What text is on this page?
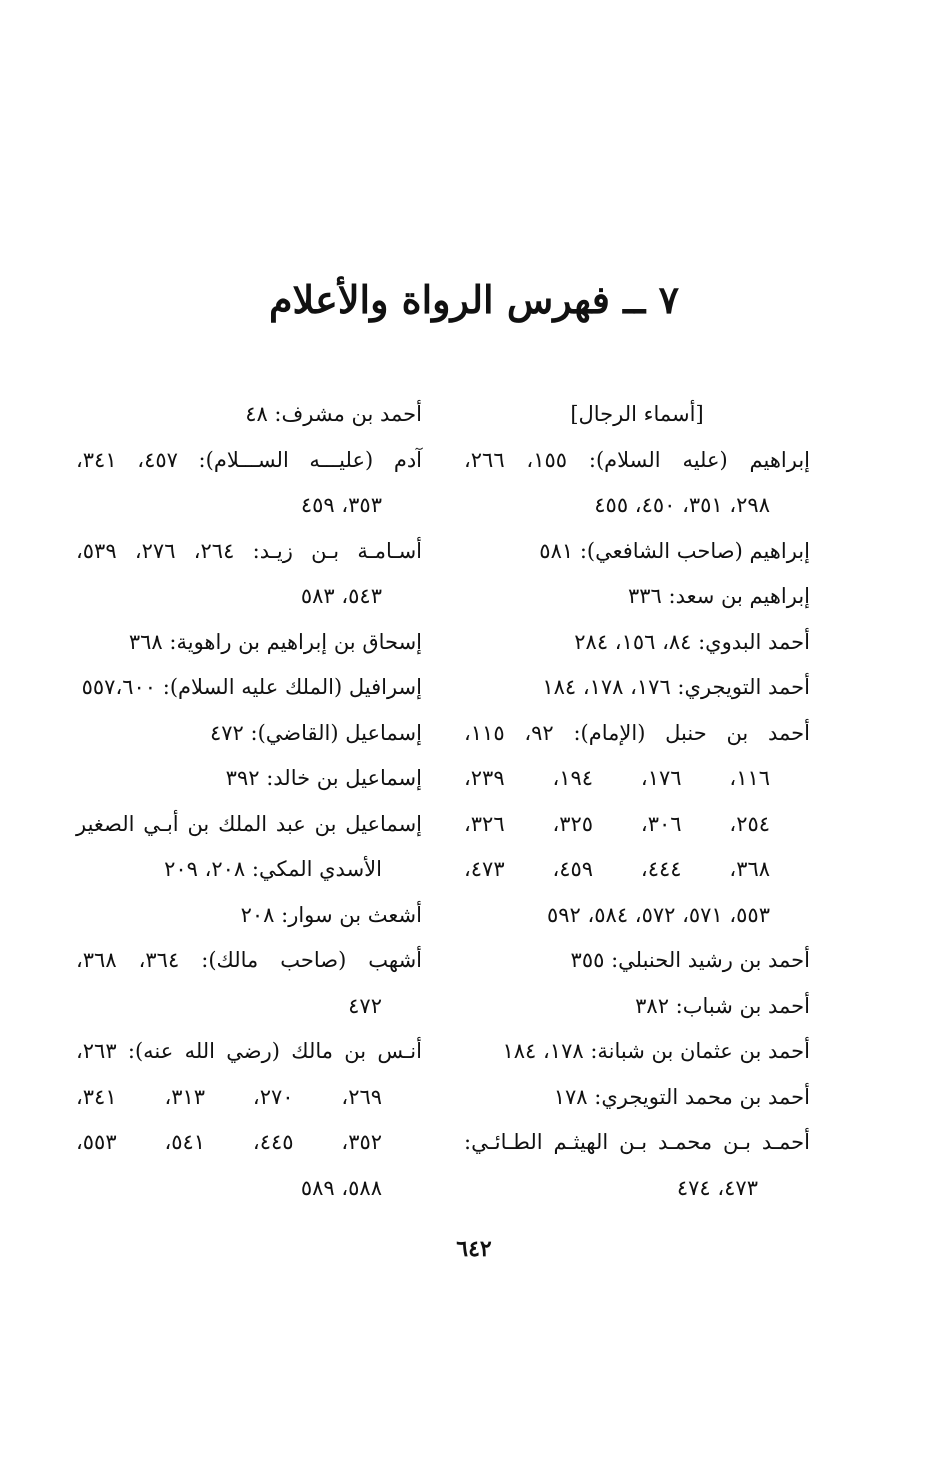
٧ ــ فهرس الرواة والأعلام
[أسماء الرجال]
إبراهيم (عليه السلام): ١٥٥، ٢٦٦،
٢٩٨، ٣٥١، ٤٥٠، ٤٥٥
إبراهيم (صاحب الشافعي): ٥٨١
إبراهيم بن سعد: ٣٣٦
أحمد البدوي: ٨٤، ١٥٦، ٢٨٤
أحمد التويجري: ١٧٦، ١٧٨، ١٨٤
أحمد بن حنبل (الإمام): ٩٢، ١١٥،
١١٦، ١٧٦، ١٩٤، ٢٣٩،
٢٥٤، ٣٠٦، ٣٢٥، ٣٢٦،
٣٦٨، ٤٤٤، ٤٥٩، ٤٧٣،
٥٥٣، ٥٧١، ٥٧٢، ٥٨٤، ٥٩٢
أحمد بن رشيد الحنبلي: ٣٥٥
أحمد بن شباب: ٣٨٢
أحمد بن عثمان بن شبانة: ١٧٨، ١٨٤
أحمد بن محمد التويجري: ١٧٨
أحمـد بـن محمـد بـن الهيثـم الطـائـي:
٤٧٣، ٤٧٤
أحمد بن مشرف: ٤٨
آدم (عليـــه الســـلام): ٤٥٧، ٣٤١،
٣٥٣، ٤٥٩
أسـامـة بـن زيـد: ٢٦٤، ٢٧٦، ٥٣٩،
٥٤٣، ٥٨٣
إسحاق بن إبراهيم بن راهوية: ٣٦٨
إسرافيل (الملك عليه السلام): ٥٥٧،٦٠٠
إسماعيل (القاضي): ٤٧٢
إسماعيل بن خالد: ٣٩٢
إسماعيل بن عبد الملك بن أبـي الصغير
الأسدي المكي: ٢٠٨، ٢٠٩
أشعث بن سوار: ٢٠٨
أشهب (صاحب مالك): ٣٦٤، ٣٦٨،
٤٧٢
أنـس بن مالك (رضي الله عنه): ٢٦٣،
٢٦٩، ٢٧٠، ٣١٣، ٣٤١،
٣٥٢، ٤٤٥، ٥٤١، ٥٥٣،
٥٨٨، ٥٨٩
٦٤٢
